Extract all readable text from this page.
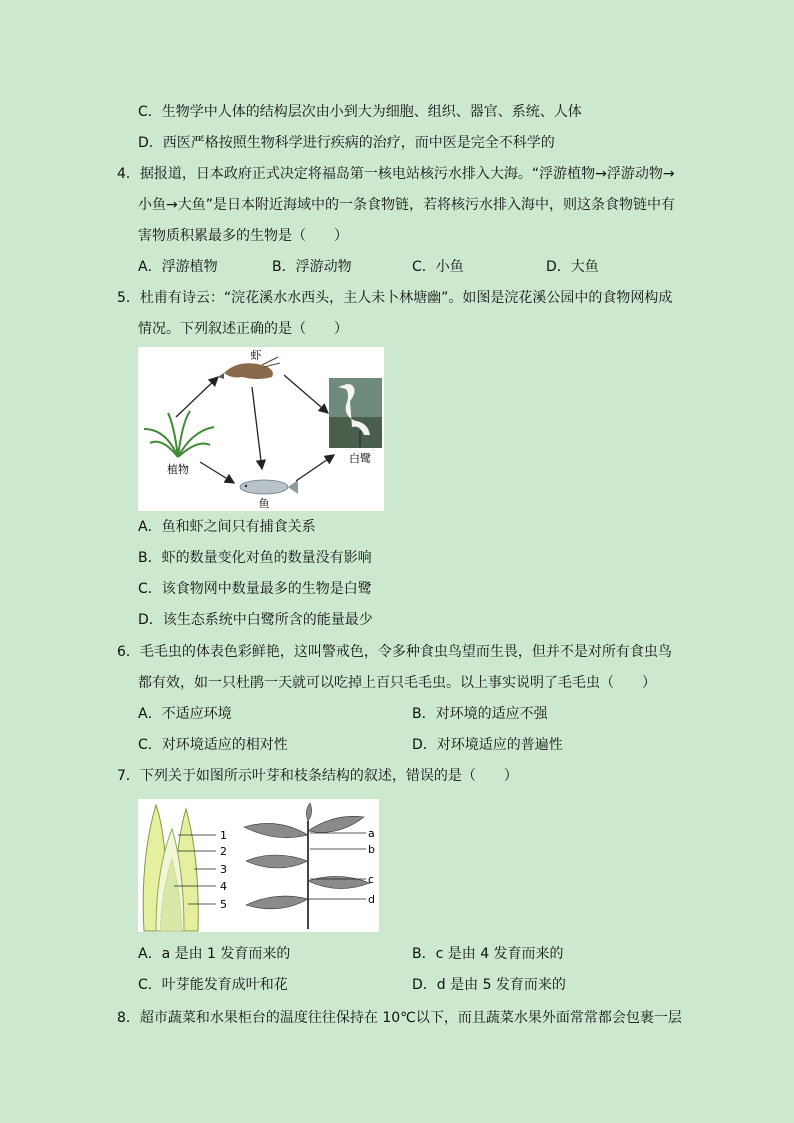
C．生物学中人体的结构层次由小到大为细胞、组织、器官、系统、人体
D．西医严格按照生物科学进行疾病的治疗，而中医是完全不科学的
4．据报道，日本政府正式决定将福岛第一核电站核污水排入大海。“浮游植物→浮游动物→
小鱼→大鱼”是日本附近海域中的一条食物链，若将核污水排入海中，则这条食物链中有
害物质积累最多的生物是（　　）
A．浮游植物	B．浮游动物	C．小鱼	D．大鱼
5．杜甫有诗云：“浣花溪水水西头，主人未卜林塘幽”。如图是浣花溪公园中的食物网构成
情况。下列叙述正确的是（　　）
虾
植物
鱼
白鹭
A．鱼和虾之间只有捕食关系
B．虾的数量变化对鱼的数量没有影响
C．该食物网中数量最多的生物是白鹭
D．该生态系统中白鹭所含的能量最少
6．毛毛虫的体表色彩鲜艳，这叫警戒色，令多种食虫鸟望而生畏，但并不是对所有食虫鸟
都有效，如一只杜鹃一天就可以吃掉上百只毛毛虫。以上事实说明了毛毛虫（　　）
A．不适应环境	B．对环境的适应不强
C．对环境适应的相对性	D．对环境适应的普遍性
7．下列关于如图所示叶芽和枝条结构的叙述，错误的是（　　）
1
2
3
4
5
a
b
c
d
A．a 是由 1 发育而来的	B．c 是由 4 发育而来的
C．叶芽能发育成叶和花	D．d 是由 5 发育而来的
8．超市蔬菜和水果柜台的温度往往保持在 10℃以下，而且蔬菜水果外面常常都会包裹一层
